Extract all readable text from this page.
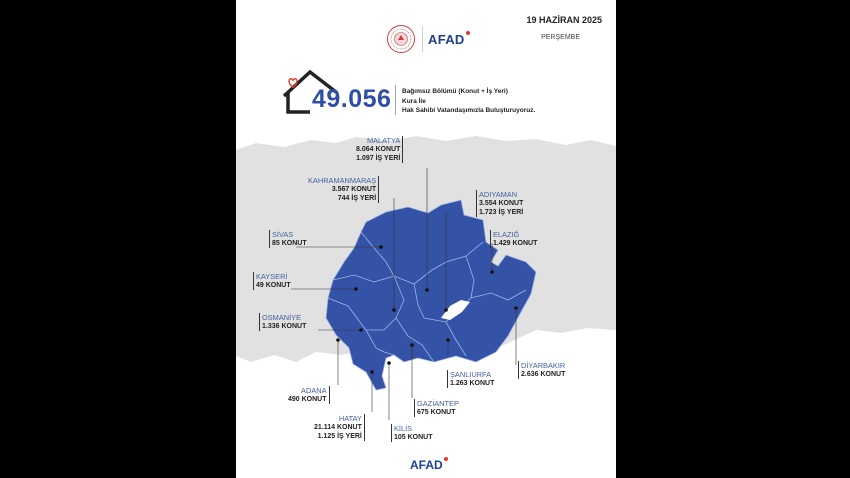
19 HAZİRAN 2025
PERŞEMBE
AFAD
49.056 Bağımsız Bölümü (Konut + İş Yeri)
Kura İle
Hak Sahibi Vatandaşımızla Buluşturuyoruz.
MALATYA
8.064 KONUT
1.097 İŞ YERİ
KAHRAMANMARAŞ
3.567 KONUT
744 İŞ YERİ	ADIYAMAN
3.554 KONUT
1.723 İŞ YERİ
SİVAS
85 KONUT
ELAZIĞ
1.429 KONUT
KAYSERİ
49 KONUT
OSMANİYE
1.336 KONUT
DİYARBAKIR
2.636 KONUT
ŞANLIURFA
1.263 KONUT
ADANA
490 KONUT	GAZİANTEP
675 KONUT
HATAY
21.114 KONUT
1.125 İŞ YERİ
KİLİS
105 KONUT
AFAD
